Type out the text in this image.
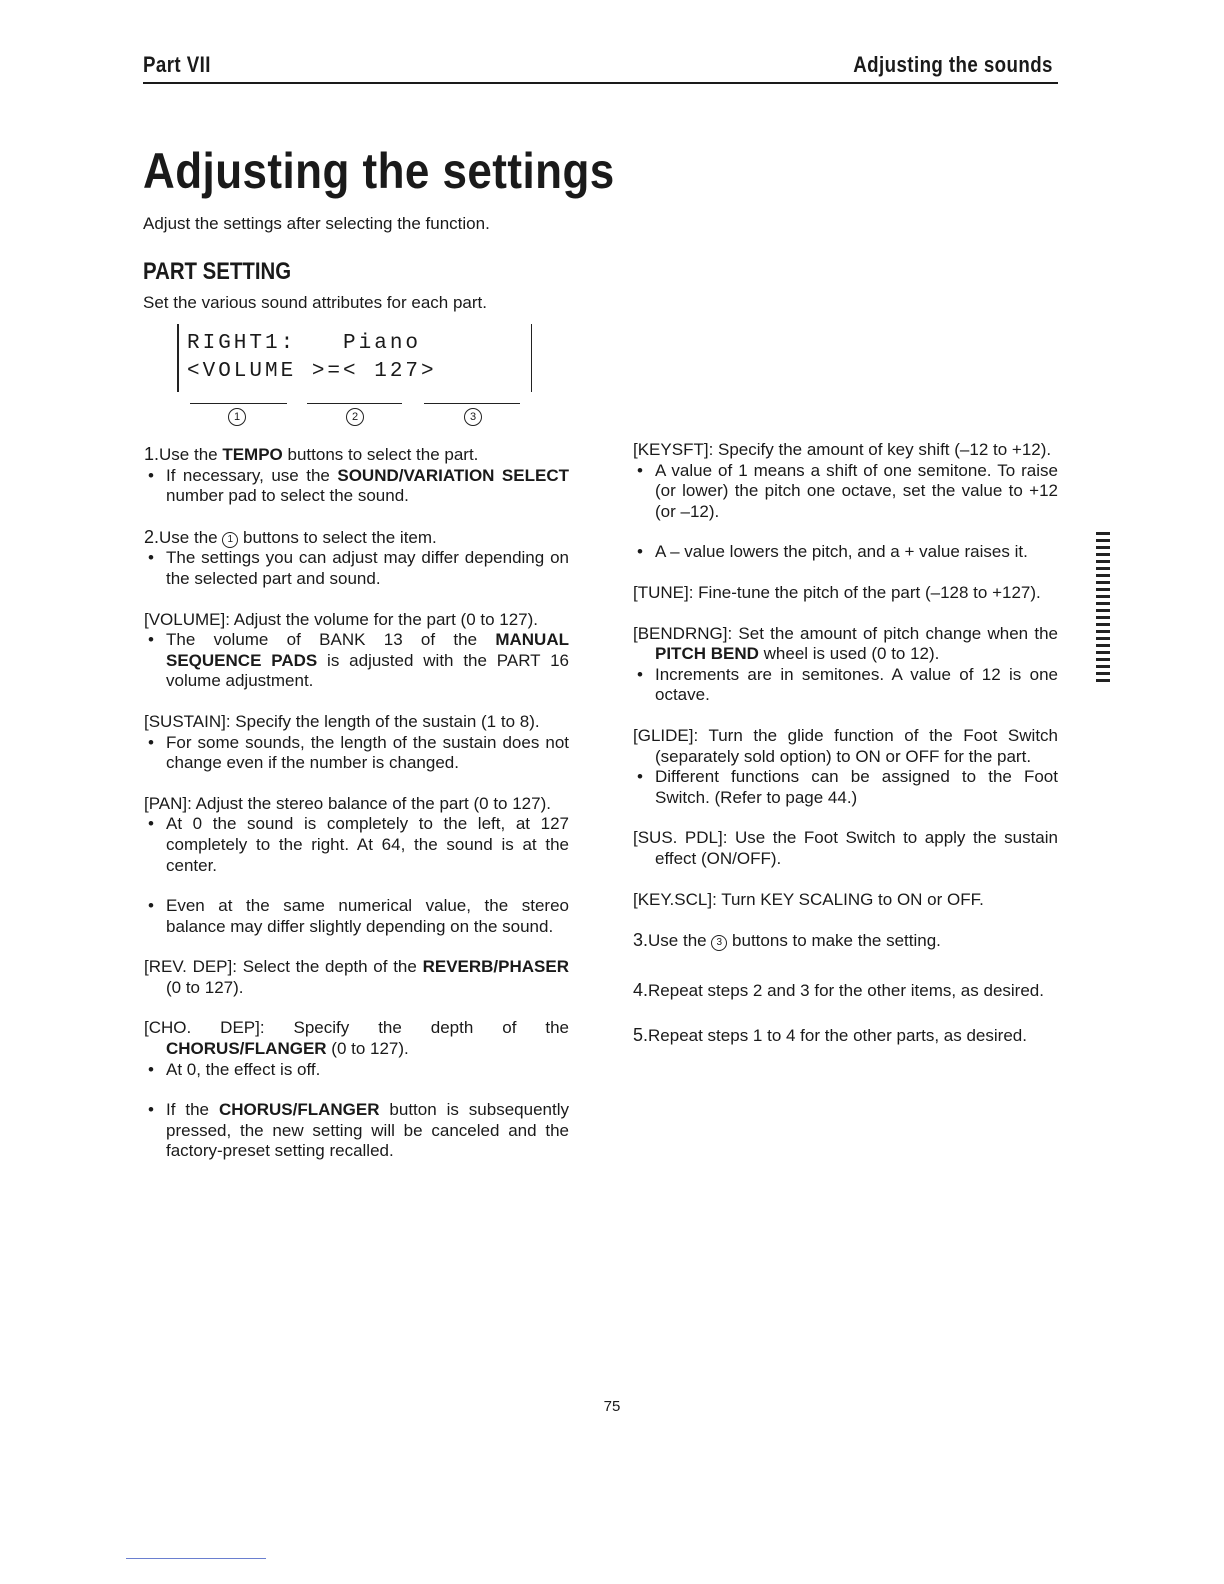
Part VII	Adjusting the sounds
Adjusting the settings
Adjust the settings after selecting the function.
PART SETTING
Set the various sound attributes for each part.
RIGHT1:   Piano
<VOLUME >=< 127>
1	2	3

1.Use the TEMPO buttons to select the part.

• If necessary, use the SOUND/VARIATION SELECT number pad to select the sound.

2.Use the 1 buttons to select the item.

• The settings you can adjust may differ depending on the selected part and sound.

[VOLUME]: Adjust the volume for the part (0 to 127).

• The volume of BANK 13 of the MANUAL SEQUENCE PADS is adjusted with the PART 16 volume adjustment.

[SUSTAIN]: Specify the length of the sustain (1 to 8).

• For some sounds, the length of the sustain does not change even if the number is changed.

[PAN]: Adjust the stereo balance of the part (0 to 127).

• At 0 the sound is completely to the left, at 127 completely to the right. At 64, the sound is at the center.

• Even at the same numerical value, the stereo balance may differ slightly depending on the sound.

[REV. DEP]: Select the depth of the REVERB/PHASER (0 to 127).

[CHO. DEP]: Specify the depth of the CHORUS/FLANGER (0 to 127).

• At 0, the effect is off.

• If the CHORUS/FLANGER button is subsequently pressed, the new setting will be canceled and the factory-preset setting recalled.

[KEYSFT]: Specify the amount of key shift (–12 to +12).

• A value of 1 means a shift of one semitone. To raise (or lower) the pitch one octave, set the value to +12 (or –12).

• A – value lowers the pitch, and a + value raises it.

[TUNE]: Fine-tune the pitch of the part (–128 to +127).

[BENDRNG]: Set the amount of pitch change when the PITCH BEND wheel is used (0 to 12).

• Increments are in semitones. A value of 12 is one octave.

[GLIDE]: Turn the glide function of the Foot Switch (separately sold option) to ON or OFF for the part.

• Different functions can be assigned to the Foot Switch. (Refer to page 44.)

[SUS. PDL]: Use the Foot Switch to apply the sustain effect (ON/OFF).

[KEY.SCL]: Turn KEY SCALING to ON or OFF.

3.Use the 3 buttons to make the setting.

4.Repeat steps 2 and 3 for the other items, as desired.

5.Repeat steps 1 to 4 for the other parts, as desired.

75
